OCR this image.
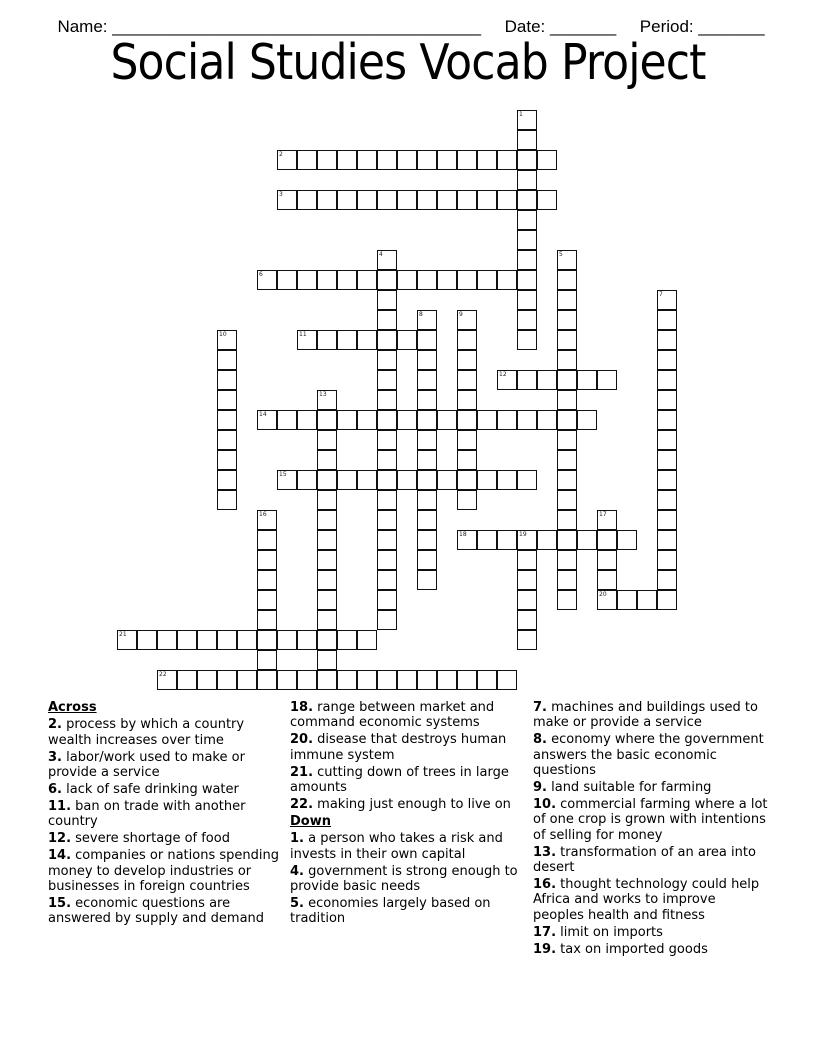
Name: _______________________________________ Date: _______ Period: _______

Social Studies Vocab Project
1
2
3
4	5
6
7
8	9
10	11
12
13
14
15
16	17
20
18	19
21
22
Across
2. process by which a country wealth increases over time
3. labor/work used to make or provide a service
6. lack of safe drinking water
11. ban on trade with another country
12. severe shortage of food
14. companies or nations spending money to develop industries or businesses in foreign countries
15. economic questions are answered by supply and demand
18. range between market and command economic systems
20. disease that destroys human immune system
21. cutting down of trees in large amounts
22. making just enough to live on
Down
1. a person who takes a risk and invests in their own capital
4. government is strong enough to provide basic needs
5. economies largely based on tradition
7. machines and buildings used to make or provide a service
8. economy where the government answers the basic economic questions
9. land suitable for farming
10. commercial farming where a lot of one crop is grown with intentions of selling for money
13. transformation of an area into desert
16. thought technology could help Africa and works to improve peoples health and fitness
17. limit on imports
19. tax on imported goods
